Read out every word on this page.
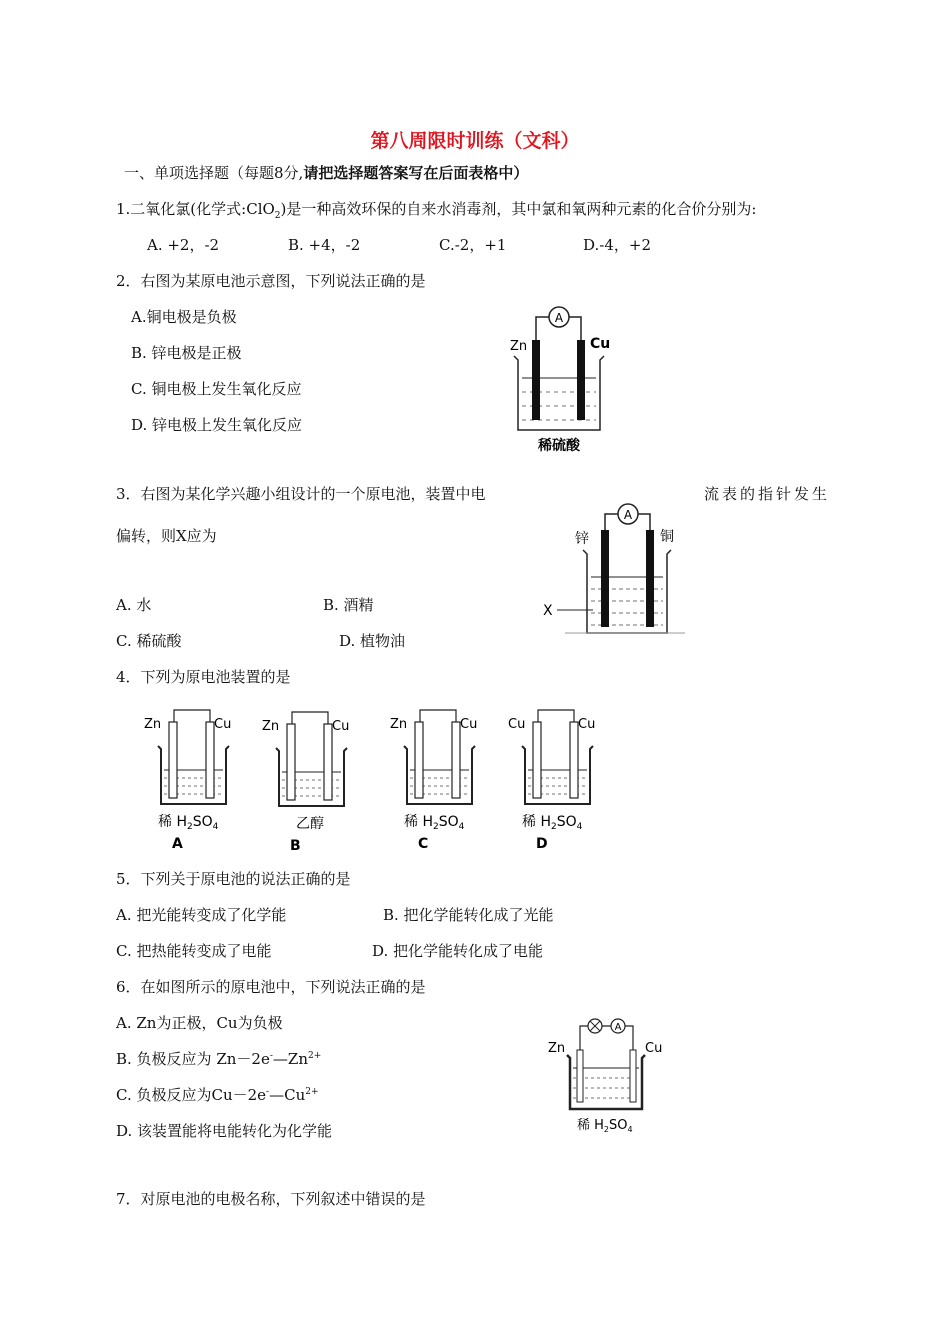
第八周限时训练（文科）
一、单项选择题（每题8分,请把选择题答案写在后面表格中）
1.二氧化氯(化学式:ClO$_2$)是一种高效环保的自来水消毒剂，其中氯和氧两种元素的化合价分别为:
A. +2，-2	B. +4，-2	C.-2，+1	D.-4，+2
2．右图为某原电池示意图，下列说法正确的是
A.铜电极是负极
B. 锌电极是正极
C. 铜电极上发生氧化反应
D. 锌电极上发生氧化反应
A
Zn	Cu
稀硫酸
3．右图为某化学兴趣小组设计的一个原电池，装置中电	流表的指针发生
偏转，则X应为
A. 水	B. 酒精
C. 稀硫酸	D. 植物油
A
锌	铜
X
4．下列为原电池装置的是
Zn	Cu
稀 $H_2SO_4$
A
Zn	Cu
乙醇
B
Zn	Cu
稀 $H_2SO_4$
C
Cu	Cu
稀 $H_2SO_4$
D
5．下列关于原电池的说法正确的是
A. 把光能转变成了化学能	B. 把化学能转化成了光能
C. 把热能转变成了电能	D. 把化学能转化成了电能
6．在如图所示的原电池中，下列说法正确的是
A. Zn为正极，Cu为负极
B. 负极反应为 $Zn-2e^-—Zn^{2+}$
C. 负极反应为$Cu-2e^-—Cu^{2+}$
D. 该装置能将电能转化为化学能
A
Zn	Cu
稀 $H_2SO_4$
7．对原电池的电极名称，下列叙述中错误的是
